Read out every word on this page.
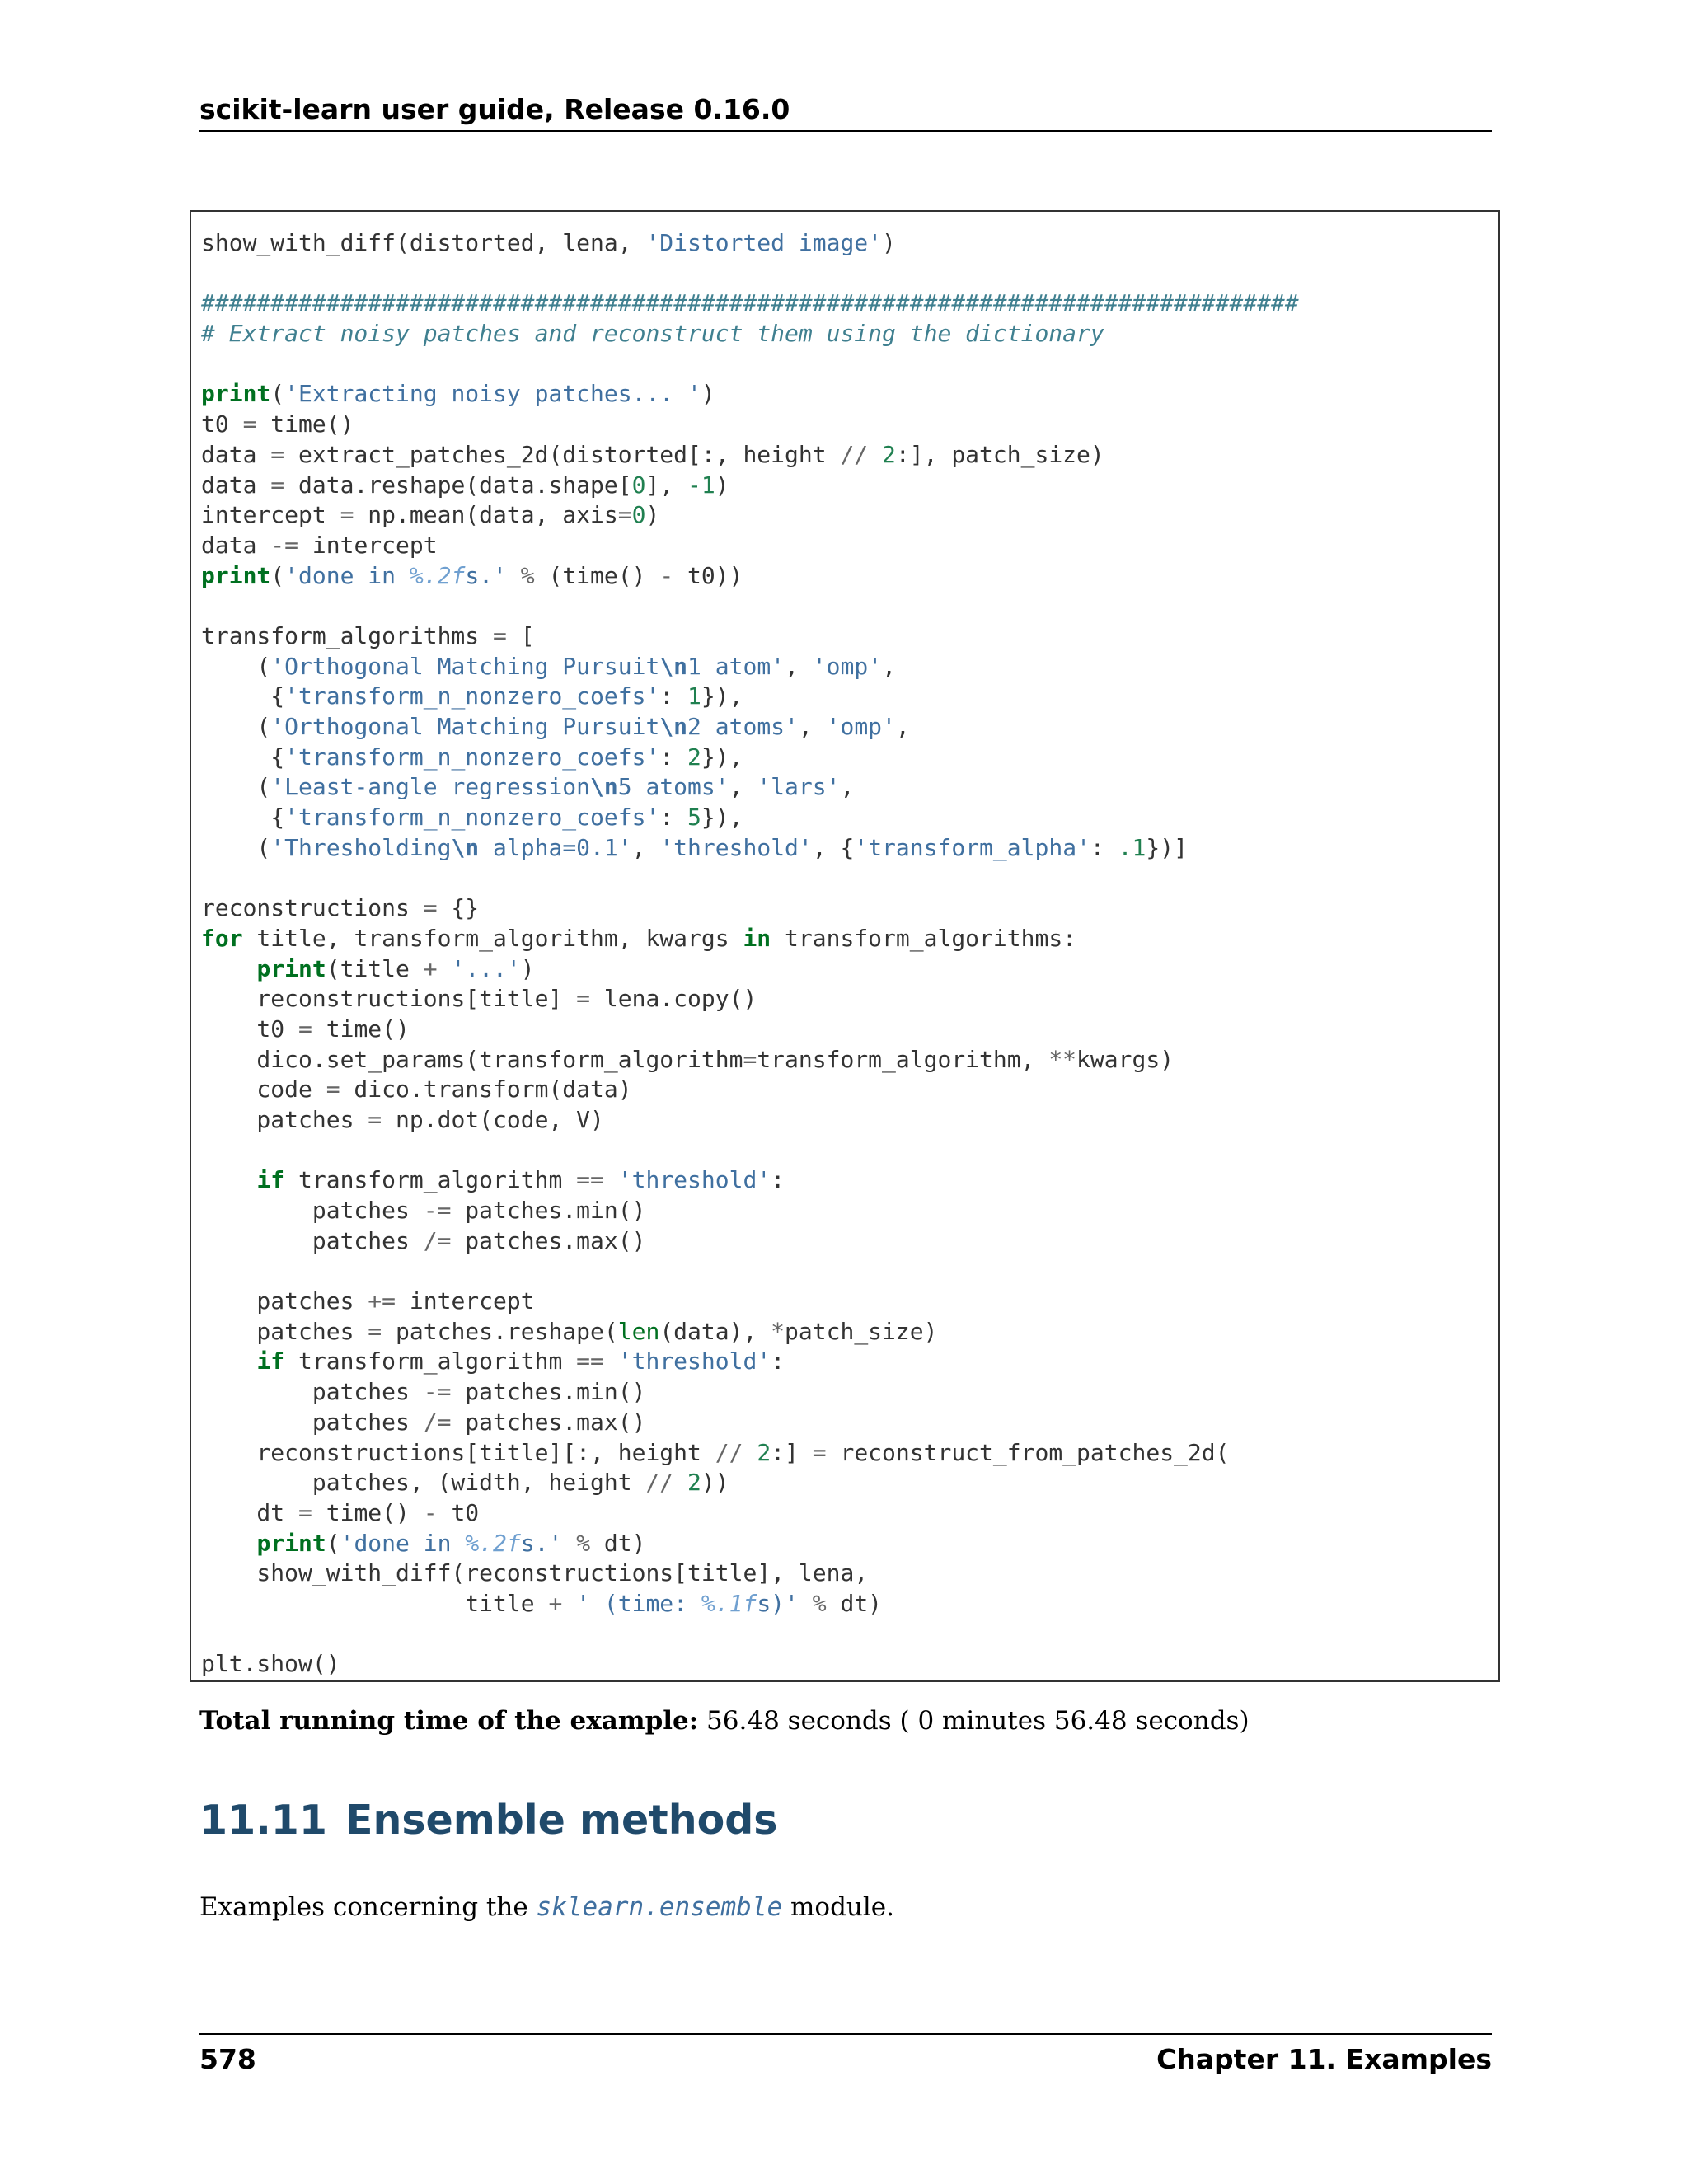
scikit-learn user guide, Release 0.16.0
show_with_diff(distorted, lena, 'Distorted image')

###############################################################################
# Extract noisy patches and reconstruct them using the dictionary

print('Extracting noisy patches... ')
t0 = time()
data = extract_patches_2d(distorted[:, height // 2:], patch_size)
data = data.reshape(data.shape[0], -1)
intercept = np.mean(data, axis=0)
data -= intercept
print('done in %.2fs.' % (time() - t0))

transform_algorithms = [
('Orthogonal Matching Pursuit\n1 atom', 'omp',
{'transform_n_nonzero_coefs': 1}),
('Orthogonal Matching Pursuit\n2 atoms', 'omp',
{'transform_n_nonzero_coefs': 2}),
('Least-angle regression\n5 atoms', 'lars',
{'transform_n_nonzero_coefs': 5}),
('Thresholding\n alpha=0.1', 'threshold', {'transform_alpha': .1})]

reconstructions = {}
for title, transform_algorithm, kwargs in transform_algorithms:
print(title + '...')
reconstructions[title] = lena.copy()
t0 = time()
dico.set_params(transform_algorithm=transform_algorithm, **kwargs)
code = dico.transform(data)
patches = np.dot(code, V)

if transform_algorithm == 'threshold':
patches -= patches.min()
patches /= patches.max()

patches += intercept
patches = patches.reshape(len(data), *patch_size)
if transform_algorithm == 'threshold':
patches -= patches.min()
patches /= patches.max()
reconstructions[title][:, height // 2:] = reconstruct_from_patches_2d(
patches, (width, height // 2))
dt = time() - t0
print('done in %.2fs.' % dt)
show_with_diff(reconstructions[title], lena,
title + ' (time: %.1fs)' % dt)

plt.show()
Total running time of the example: 56.48 seconds ( 0 minutes 56.48 seconds)
11.11 Ensemble methods
Examples concerning the sklearn.ensemble module.
578	Chapter 11. Examples
